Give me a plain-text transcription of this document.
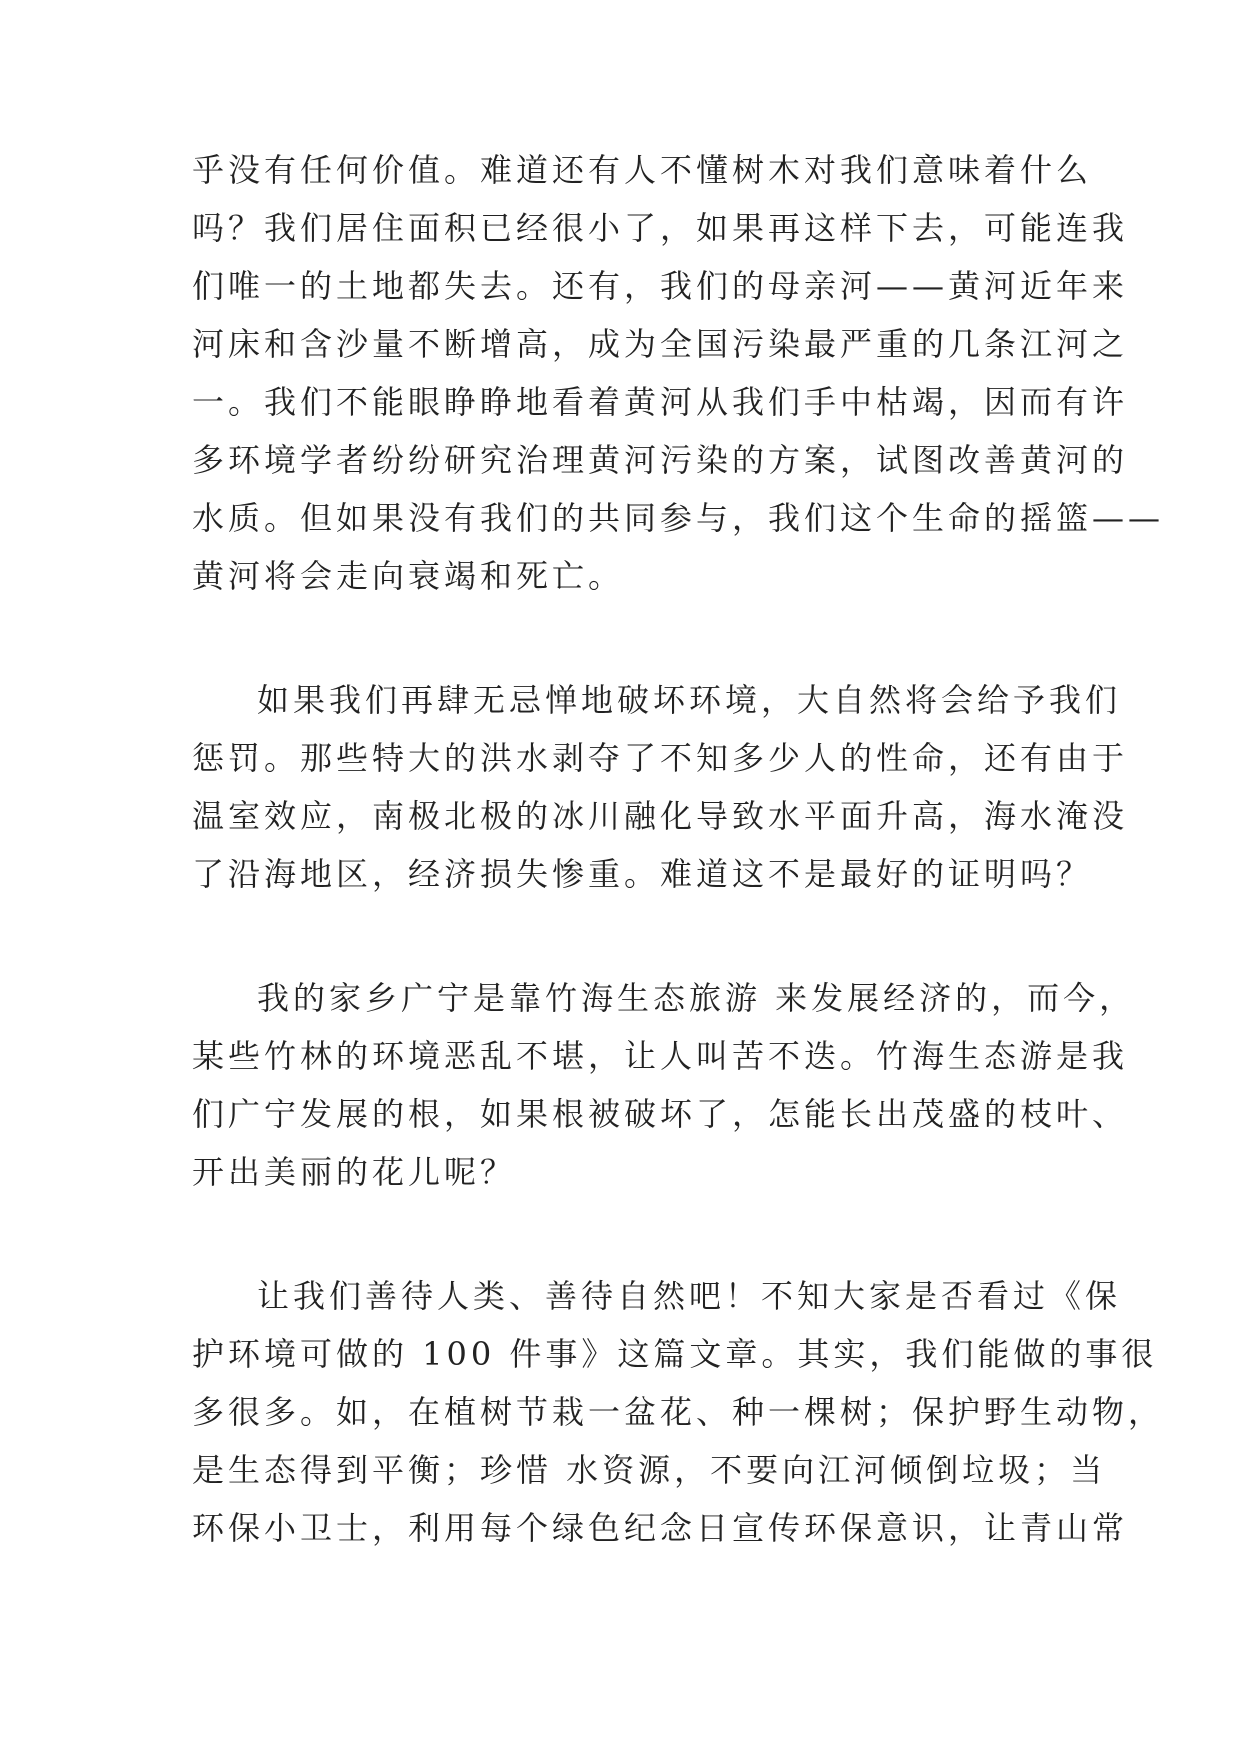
乎没有任何价值。难道还有人不懂树木对我们意味着什么
吗？我们居住面积已经很小了，如果再这样下去，可能连我
们唯一的土地都失去。还有，我们的母亲河——黄河近年来
河床和含沙量不断增高，成为全国污染最严重的几条江河之
一。我们不能眼睁睁地看着黄河从我们手中枯竭，因而有许
多环境学者纷纷研究治理黄河污染的方案，试图改善黄河的
水质。但如果没有我们的共同参与，我们这个生命的摇篮——
黄河将会走向衰竭和死亡。
如果我们再肆无忌惮地破坏环境，大自然将会给予我们
惩罚。那些特大的洪水剥夺了不知多少人的性命，还有由于
温室效应，南极北极的冰川融化导致水平面升高，海水淹没
了沿海地区，经济损失惨重。难道这不是最好的证明吗？
我的家乡广宁是靠竹海生态旅游 来发展经济的，而今，
某些竹林的环境恶乱不堪，让人叫苦不迭。竹海生态游是我
们广宁发展的根，如果根被破坏了，怎能长出茂盛的枝叶、
开出美丽的花儿呢？
让我们善待人类、善待自然吧！不知大家是否看过《保
护环境可做的 100 件事》这篇文章。其实，我们能做的事很
多很多。如，在植树节栽一盆花、种一棵树；保护野生动物，
是生态得到平衡；珍惜 水资源，不要向江河倾倒垃圾；当
环保小卫士，利用每个绿色纪念日宣传环保意识，让青山常
